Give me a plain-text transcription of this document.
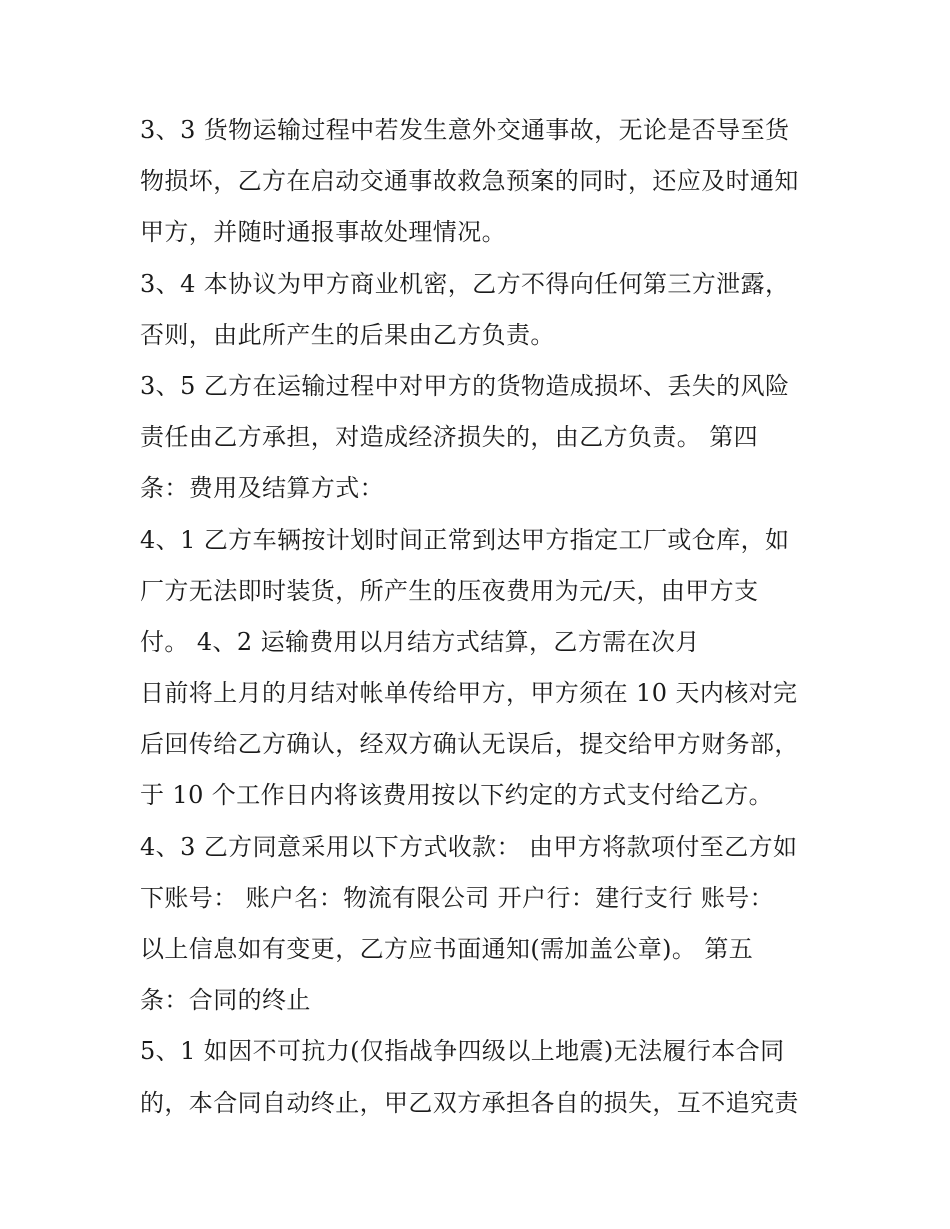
3、3 货物运输过程中若发生意外交通事故，无论是否导至货
物损坏，乙方在启动交通事故救急预案的同时，还应及时通知
甲方，并随时通报事故处理情况。
3、4 本协议为甲方商业机密，乙方不得向任何第三方泄露，
否则，由此所产生的后果由乙方负责。
3、5 乙方在运输过程中对甲方的货物造成损坏、丢失的风险
责任由乙方承担，对造成经济损失的，由乙方负责。 第四
条：费用及结算方式：
4、1 乙方车辆按计划时间正常到达甲方指定工厂或仓库，如
厂方无法即时装货，所产生的压夜费用为元/天，由甲方支
付。 4、2 运输费用以月结方式结算，乙方需在次月
日前将上月的月结对帐单传给甲方，甲方须在 10 天内核对完
后回传给乙方确认，经双方确认无误后，提交给甲方财务部，
于 10 个工作日内将该费用按以下约定的方式支付给乙方。
4、3 乙方同意采用以下方式收款： 由甲方将款项付至乙方如
下账号： 账户名：物流有限公司 开户行：建行支行 账号：
以上信息如有变更，乙方应书面通知(需加盖公章)。 第五
条：合同的终止
5、1 如因不可抗力(仅指战争四级以上地震)无法履行本合同
的，本合同自动终止，甲乙双方承担各自的损失，互不追究责
